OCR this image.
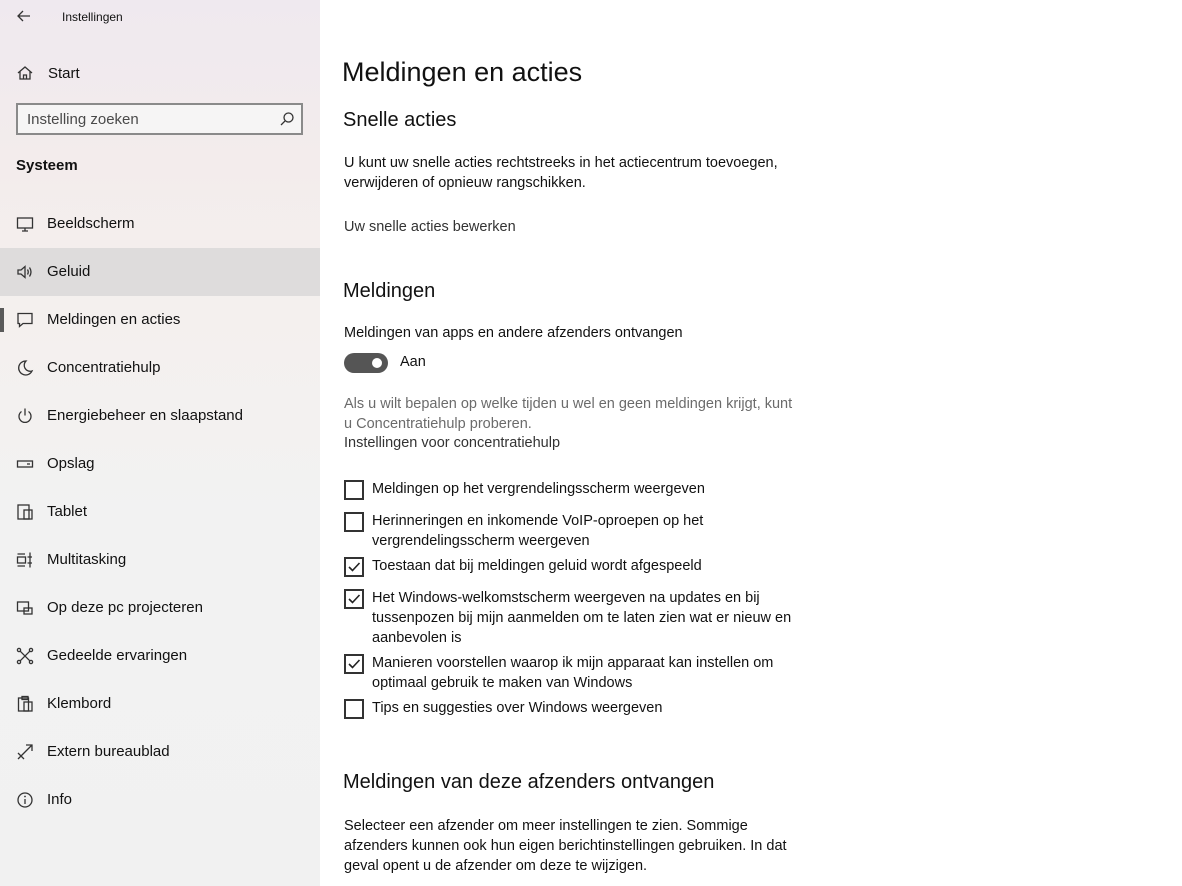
Instellingen
Start
Instelling zoeken
Systeem
Beeldscherm
Geluid
Meldingen en acties
Concentratiehulp
Energiebeheer en slaapstand
Opslag
Tablet
Multitasking
Op deze pc projecteren
Gedeelde ervaringen
Klembord
Extern bureaublad
Info
Meldingen en acties
Snelle acties
U kunt uw snelle acties rechtstreeks in het actiecentrum toevoegen, verwijderen of opnieuw rangschikken.
Uw snelle acties bewerken
Meldingen
Meldingen van apps en andere afzenders ontvangen
Aan
Als u wilt bepalen op welke tijden u wel en geen meldingen krijgt, kunt u Concentratiehulp proberen.
Instellingen voor concentratiehulp
Meldingen op het vergrendelingsscherm weergeven
Herinneringen en inkomende VoIP-oproepen op het vergrendelingsscherm weergeven
Toestaan dat bij meldingen geluid wordt afgespeeld
Het Windows-welkomstscherm weergeven na updates en bij tussenpozen bij mijn aanmelden om te laten zien wat er nieuw en aanbevolen is
Manieren voorstellen waarop ik mijn apparaat kan instellen om optimaal gebruik te maken van Windows
Tips en suggesties over Windows weergeven
Meldingen van deze afzenders ontvangen
Selecteer een afzender om meer instellingen te zien. Sommige afzenders kunnen ook hun eigen berichtinstellingen gebruiken. In dat geval opent u de afzender om deze te wijzigen.
